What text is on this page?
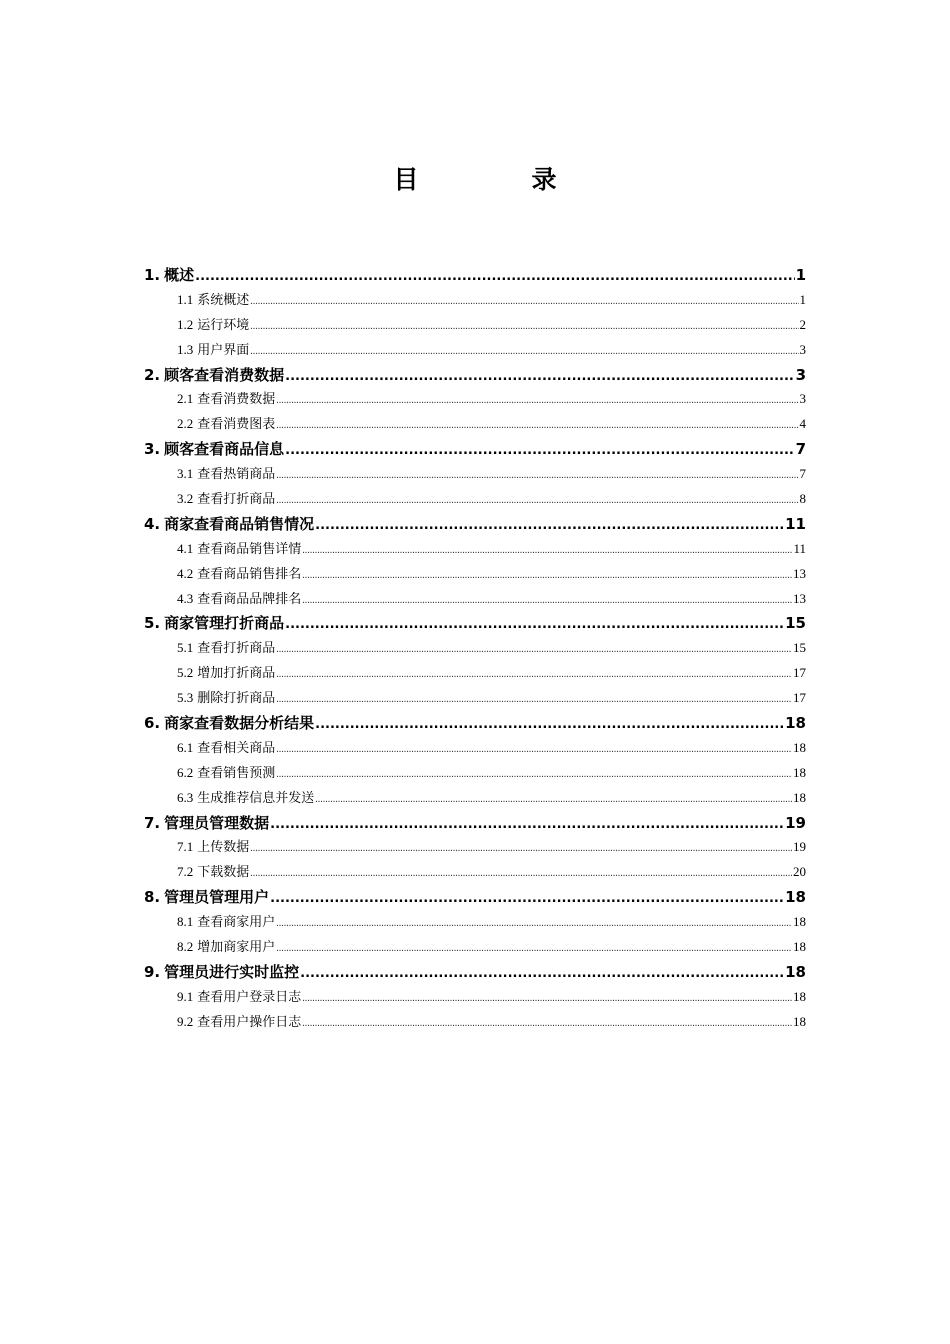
目　录
1. 概述 .....	1
1.1 系统概述 .....	1
1.2 运行环境 .....	2
1.3 用户界面 .....	3
2. 顾客查看消费数据 .....	3
2.1 查看消费数据 .....	3
2.2 查看消费图表 .....	4
3. 顾客查看商品信息 .....	7
3.1 查看热销商品 .....	7
3.2 查看打折商品 .....	8
4. 商家查看商品销售情况 .....	11
4.1 查看商品销售详情 .....	11
4.2 查看商品销售排名 .....	13
4.3 查看商品品牌排名 .....	13
5. 商家管理打折商品 .....	15
5.1 查看打折商品 .....	15
5.2 增加打折商品 .....	17
5.3 删除打折商品 .....	17
6. 商家查看数据分析结果 .....	18
6.1 查看相关商品 .....	18
6.2 查看销售预测 .....	18
6.3 生成推荐信息并发送 .....	18
7. 管理员管理数据 .....	19
7.1 上传数据 .....	19
7.2 下载数据 .....	20
8. 管理员管理用户 .....	18
8.1 查看商家用户 .....	18
8.2 增加商家用户 .....	18
9. 管理员进行实时监控 .....	18
9.1 查看用户登录日志 .....	18
9.2 查看用户操作日志 .....	18
